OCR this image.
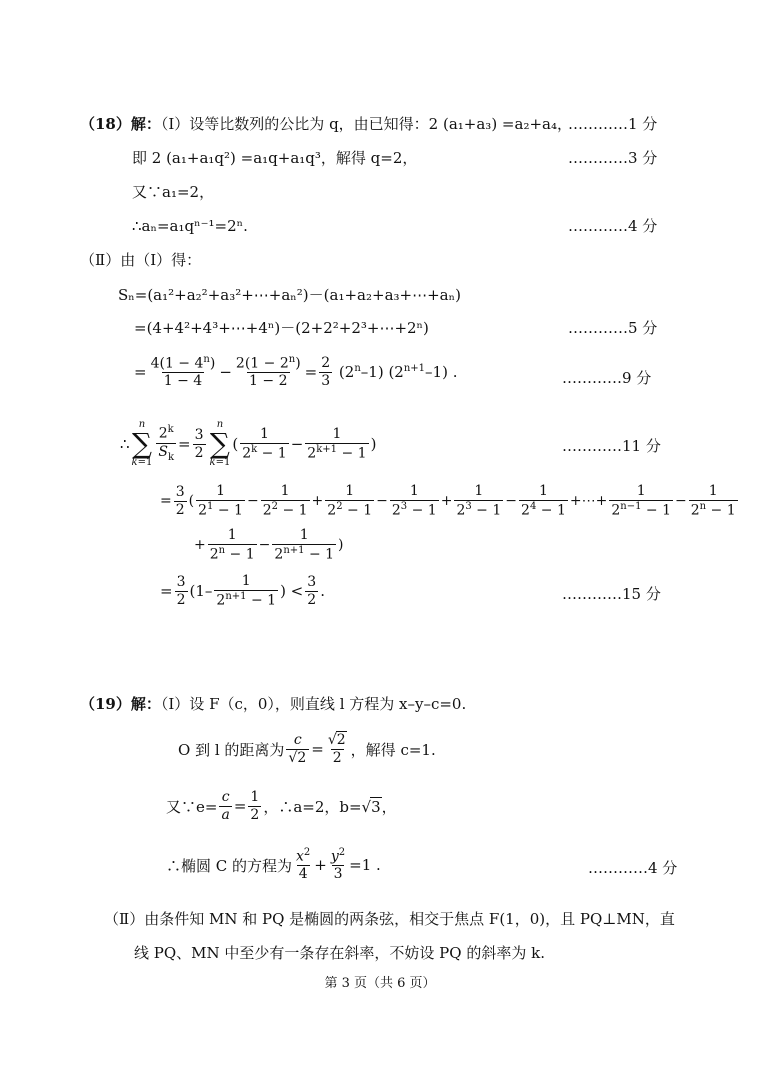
（18）解：（Ⅰ）设等比数列的公比为 q，由已知得：2 (a₁+a₃) =a₂+a₄，
…………1 分
即 2 (a₁+a₁q²) =a₁q+a₁q³，解得 q=2，	…………3 分
又∵a₁=2，
∴aₙ=a₁qⁿ⁻¹=2ⁿ.	…………4 分
（Ⅱ）由（Ⅰ）得：
Sₙ=(a₁²+a₂²+a₃²+⋯+aₙ²)－(a₁+a₂+a₃+⋯+aₙ)
=(4+4²+4³+⋯+4ⁿ)－(2+2²+2³+⋯+2ⁿ)	…………5 分
= $\frac{4(1 - 4^n)}{1 - 4} - \frac{2(1 - 2^n)}{1 - 2} = \frac{2}{3} (2^n-1)$ $(2^{n+1}-1)$ .	…………9 分
∴
n
∑
$k=1 \frac{2^k}{S_k} = \frac{3}{2}$
n
∑
k=1
( $\frac{1}{2^k - 1} - \frac{1}{2^{k+1} - 1}$ )	…………11 分
= $\frac{3}{2}$ ( $\frac{1}{2^1 - 1} - \frac{1}{2^2 - 1} + \frac{1}{2^2 - 1} - \frac{1}{2^3 - 1} + \frac{1}{2^3 - 1} - \frac{1}{2^4 - 1}$ +⋯+ $\frac{1}{2^{n-1} - 1} - \frac{1}{2^n - 1}$
+ $\frac{1}{2^n - 1} - \frac{1}{2^{n+1} - 1}$ )
= $\frac{3}{2} (1- \frac{1}{2^{n+1} - 1}$ ) < $\frac{3}{2}$ .	…………15 分
（19）解：（Ⅰ）设 F（c，0），则直线 l 方程为 x–y–c=0.
O 到 l 的距离为 $\frac{c}{√2} = \frac{√2}{2}$ ，解得 c=1.
又∵e= $\frac{c}{a} = \frac{1}{2}$ ，∴a=2，b= √3，
∴椭圆 C 的方程为 $\frac{x^2}{4} + \frac{y^2}{3} =1$ .	…………4 分
（Ⅱ）由条件知 MN 和 PQ 是椭圆的两条弦，相交于焦点 F(1，0)，且 PQ⊥MN，直
线 PQ、MN 中至少有一条存在斜率，不妨设 PQ 的斜率为 k.
第 3 页（共 6 页）
